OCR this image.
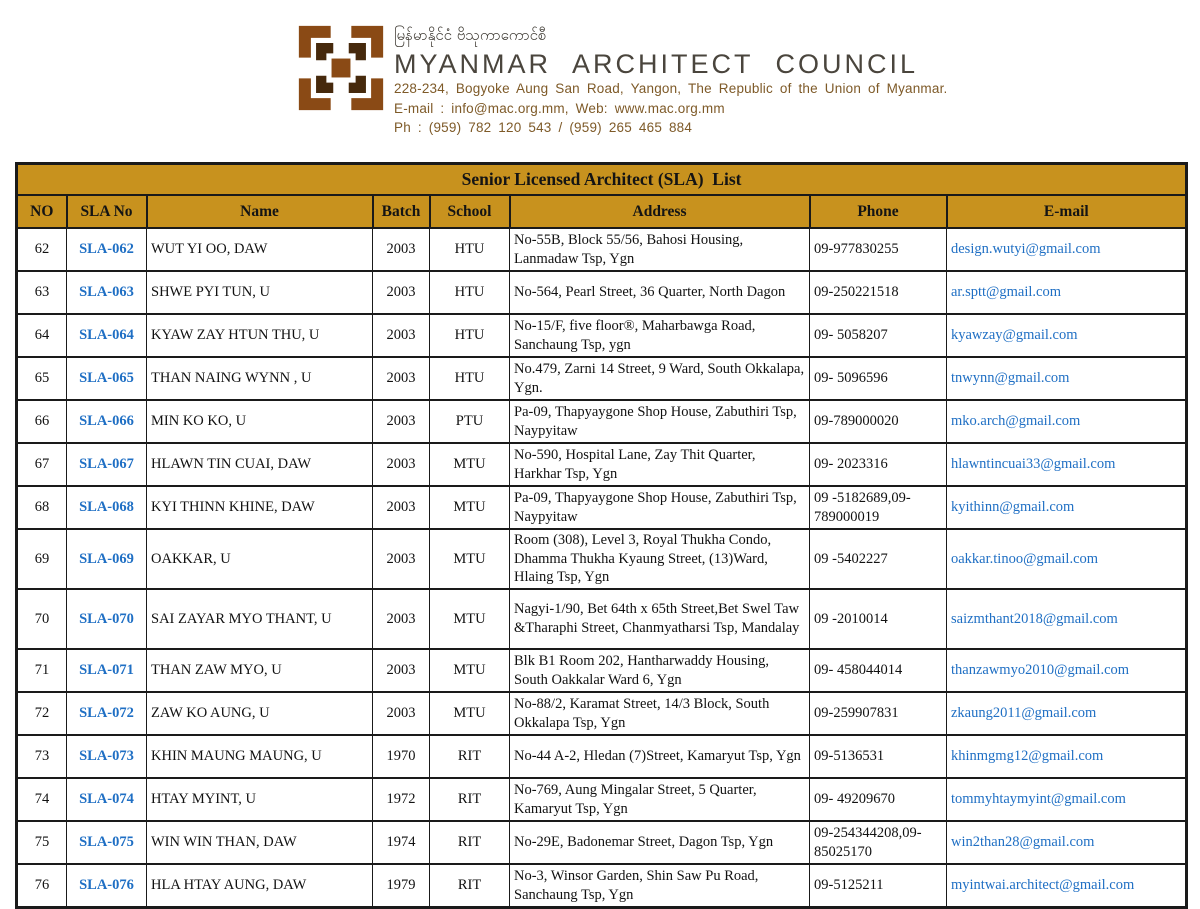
မြန်မာနိုင်ငံ ဗိသုကာကောင်စီ
MYANMAR ARCHITECT COUNCIL
228-234, Bogyoke Aung San Road, Yangon, The Republic of the Union of Myanmar.
E-mail : info@mac.org.mm, Web: www.mac.org.mm
Ph : (959) 782 120 543 / (959) 265 465 884
Senior Licensed Architect (SLA)  List							
NO	SLA No	Name	Batch	School	Address	Phone	E-mail
62	SLA-062	WUT YI OO, DAW	2003	HTU	No-55B, Block 55/56, Bahosi Housing, Lanmadaw Tsp, Ygn	09-977830255	design.wutyi@gmail.com
63	SLA-063	SHWE PYI TUN, U	2003	HTU	No-564, Pearl Street, 36 Quarter, North Dagon	09-250221518	ar.sptt@gmail.com
64	SLA-064	KYAW ZAY HTUN THU, U	2003	HTU	No-15/F, five floor®, Maharbawga Road, Sanchaung Tsp, ygn	09- 5058207	kyawzay@gmail.com
65	SLA-065	THAN NAING WYNN , U	2003	HTU	No.479, Zarni 14 Street, 9 Ward, South Okkalapa, Ygn.	09- 5096596	tnwynn@gmail.com
66	SLA-066	MIN KO KO, U	2003	PTU	Pa-09, Thapyaygone Shop House, Zabuthiri Tsp, Naypyitaw	09-789000020	mko.arch@gmail.com
67	SLA-067	HLAWN TIN CUAI, DAW	2003	MTU	No-590, Hospital Lane, Zay Thit Quarter, Harkhar Tsp, Ygn	09- 2023316	hlawntincuai33@gmail.com
68	SLA-068	KYI THINN KHINE, DAW	2003	MTU	Pa-09, Thapyaygone Shop House, Zabuthiri Tsp, Naypyitaw	09 -5182689,09-789000019	kyithinn@gmail.com
69	SLA-069	OAKKAR, U	2003	MTU	Room (308), Level 3, Royal Thukha Condo, Dhamma Thukha Kyaung Street, (13)Ward, Hlaing Tsp, Ygn	09 -5402227	oakkar.tinoo@gmail.com
70	SLA-070	SAI ZAYAR MYO THANT, U	2003	MTU	Nagyi-1/90, Bet 64th x 65th Street,Bet Swel Taw &Tharaphi Street, Chanmyatharsi Tsp, Mandalay	09 -2010014	saizmthant2018@gmail.com
71	SLA-071	THAN ZAW MYO, U	2003	MTU	Blk B1 Room 202, Hantharwaddy Housing, South Oakkalar Ward 6, Ygn	09- 458044014	thanzawmyo2010@gmail.com
72	SLA-072	ZAW KO AUNG, U	2003	MTU	No-88/2, Karamat Street, 14/3 Block, South Okkalapa Tsp, Ygn	09-259907831	zkaung2011@gmail.com
73	SLA-073	KHIN MAUNG MAUNG, U	1970	RIT	No-44 A-2, Hledan (7)Street, Kamaryut Tsp, Ygn	09-5136531	khinmgmg12@gmail.com
74	SLA-074	HTAY MYINT, U	1972	RIT	No-769, Aung Mingalar Street, 5 Quarter, Kamaryut Tsp, Ygn	09- 49209670	tommyhtaymyint@gmail.com
75	SLA-075	WIN WIN THAN, DAW	1974	RIT	No-29E, Badonemar Street, Dagon Tsp, Ygn	09-254344208,09-85025170	win2than28@gmail.com
76	SLA-076	HLA HTAY AUNG, DAW	1979	RIT	No-3, Winsor Garden, Shin Saw Pu Road, Sanchaung Tsp, Ygn	09-5125211	myintwai.architect@gmail.com
